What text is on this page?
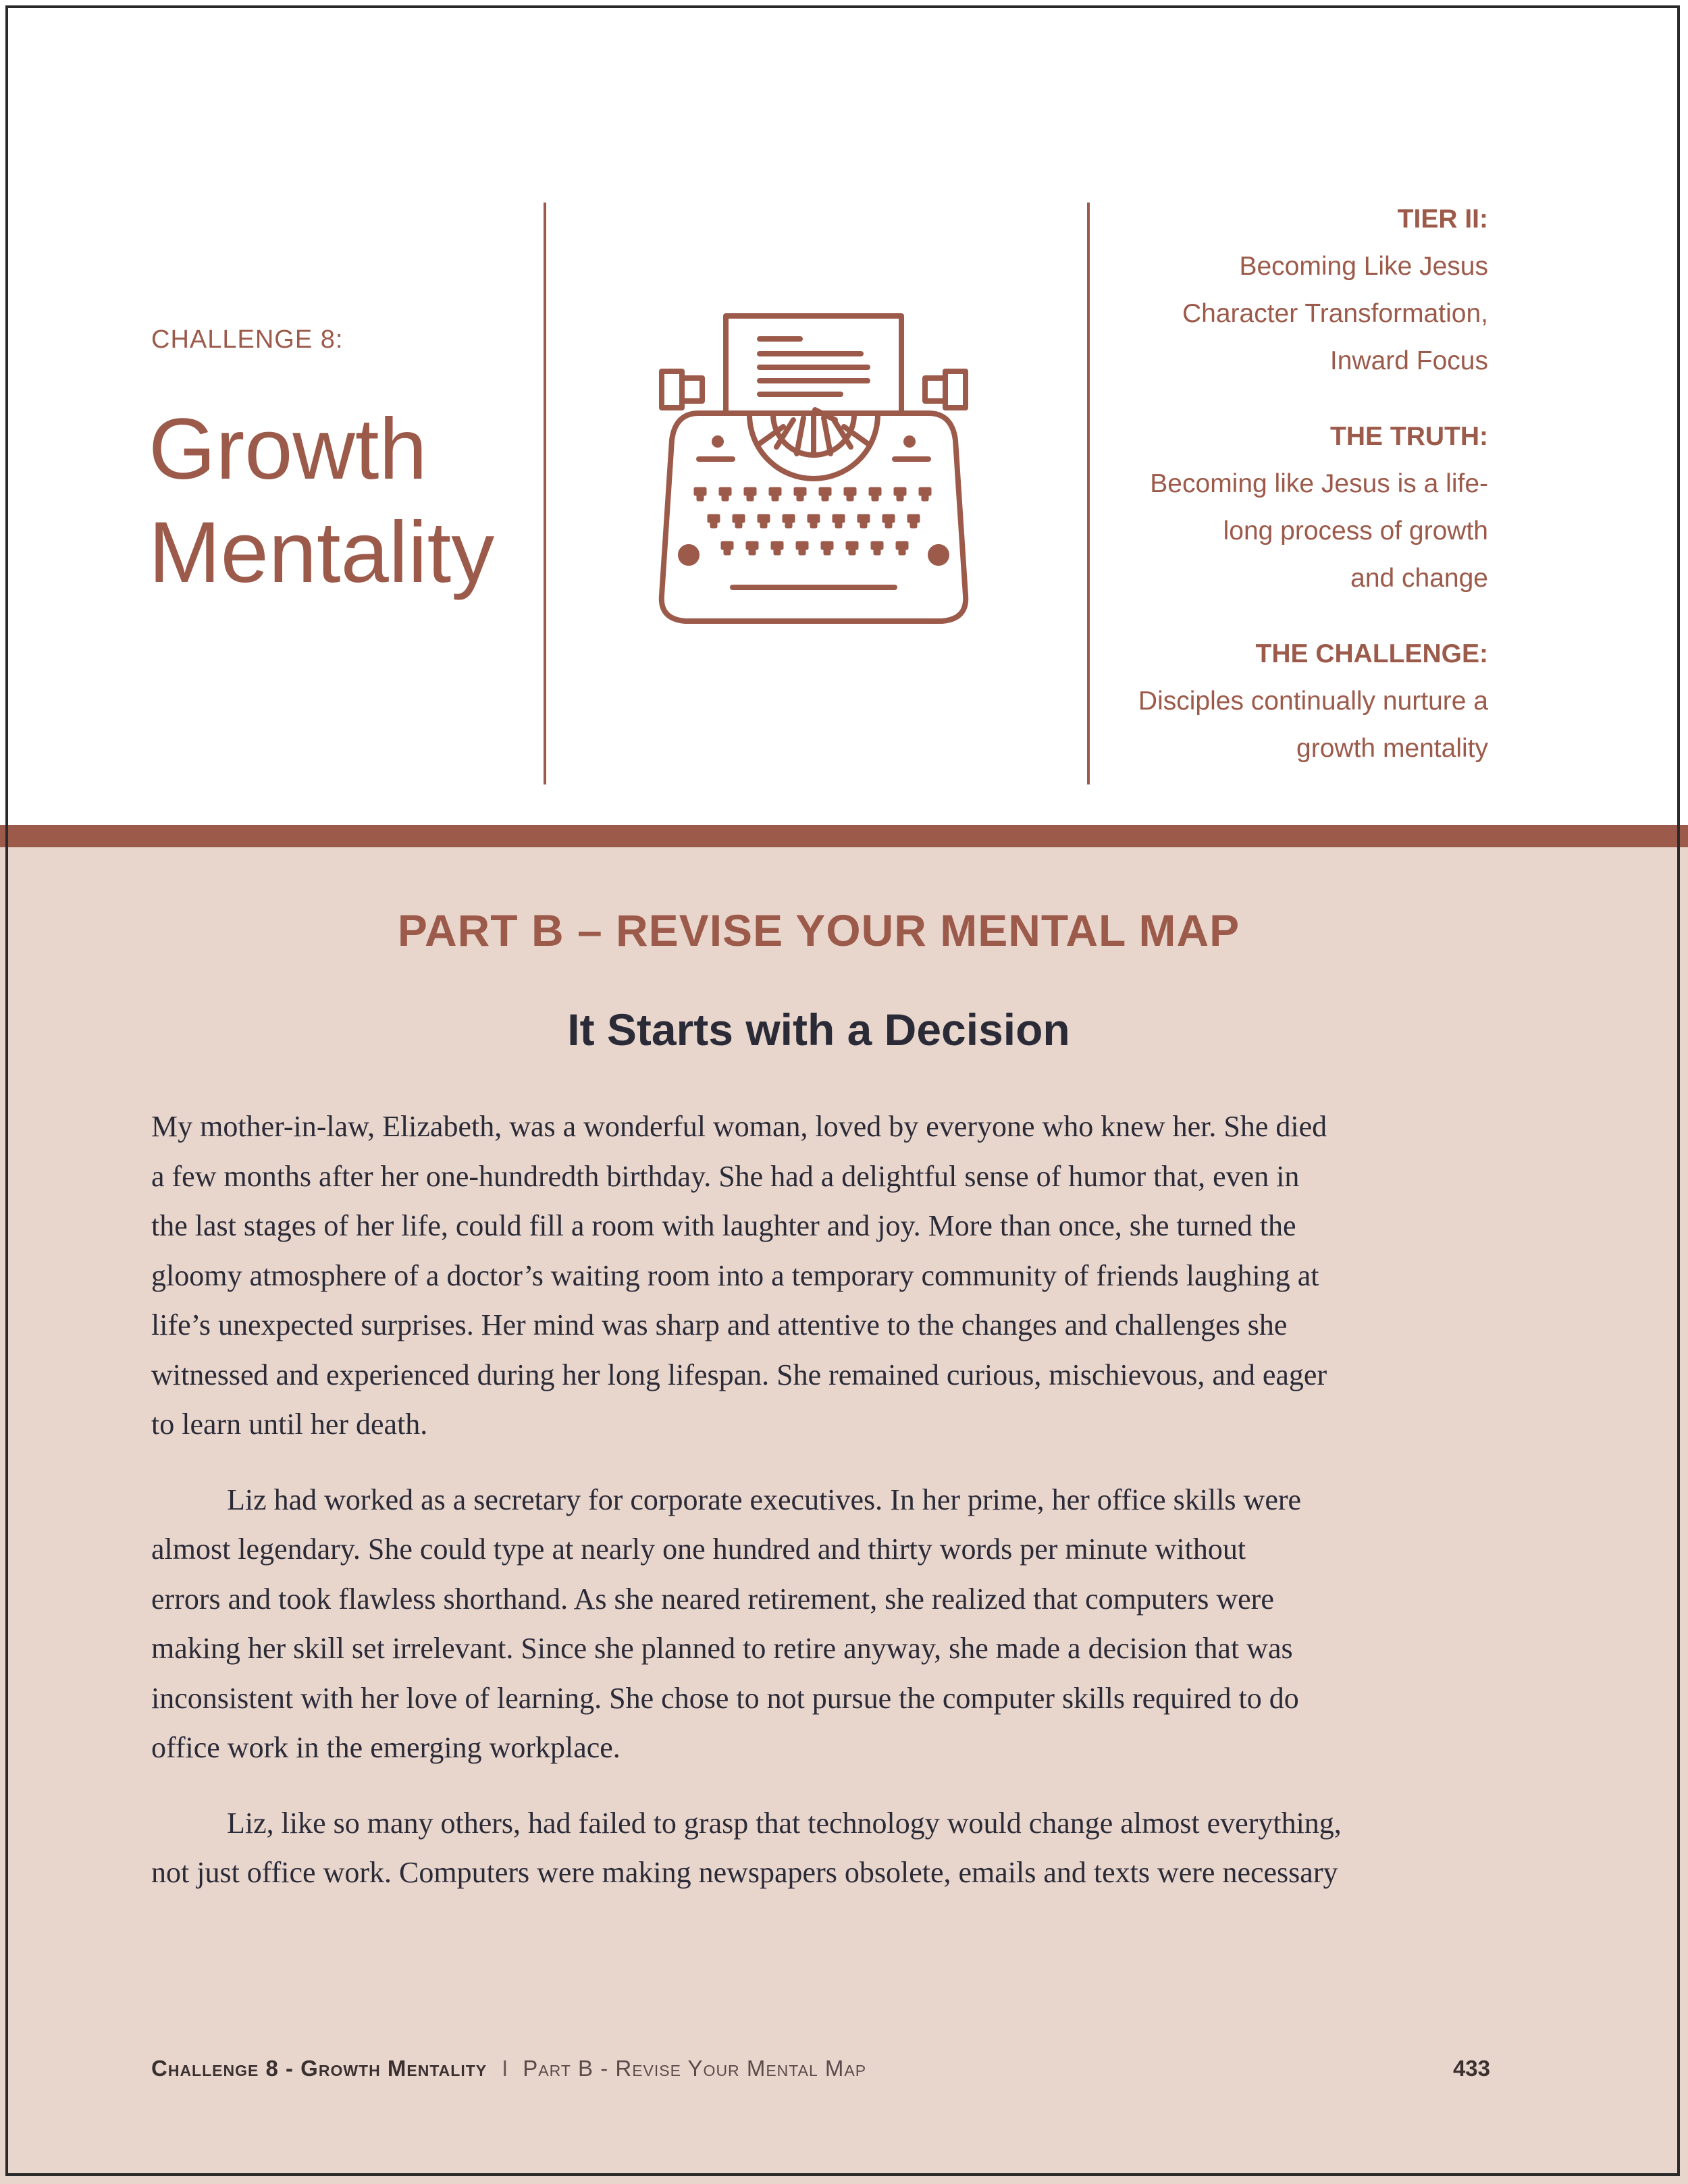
CHALLENGE 8:
Growth
Mentality
TIER II:
Becoming Like Jesus
Character Transformation,
Inward Focus
THE TRUTH:
Becoming like Jesus is a life-
long process of growth
and change
THE CHALLENGE:
Disciples continually nurture a
growth mentality
PART B – REVISE YOUR MENTAL MAP
It Starts with a Decision

My mother-in-law, Elizabeth, was a wonderful woman, loved by everyone who knew her. She died
a few months after her one-hundredth birthday. She had a delightful sense of humor that, even in
the last stages of her life, could fill a room with laughter and joy. More than once, she turned the
gloomy atmosphere of a doctor’s waiting room into a temporary community of friends laughing at
life’s unexpected surprises. Her mind was sharp and attentive to the changes and challenges she
witnessed and experienced during her long lifespan. She remained curious, mischievous, and eager
to learn until her death.

Liz had worked as a secretary for corporate executives. In her prime, her office skills were
almost legendary. She could type at nearly one hundred and thirty words per minute without
errors and took flawless shorthand. As she neared retirement, she realized that computers were
making her skill set irrelevant. Since she planned to retire anyway, she made a decision that was
inconsistent with her love of learning. She chose to not pursue the computer skills required to do
office work in the emerging workplace.

Liz, like so many others, had failed to grasp that technology would change almost everything,
not just office work. Computers were making newspapers obsolete, emails and texts were necessary

Challenge 8 - Growth Mentality I Part B - Revise Your Mental Map	433
